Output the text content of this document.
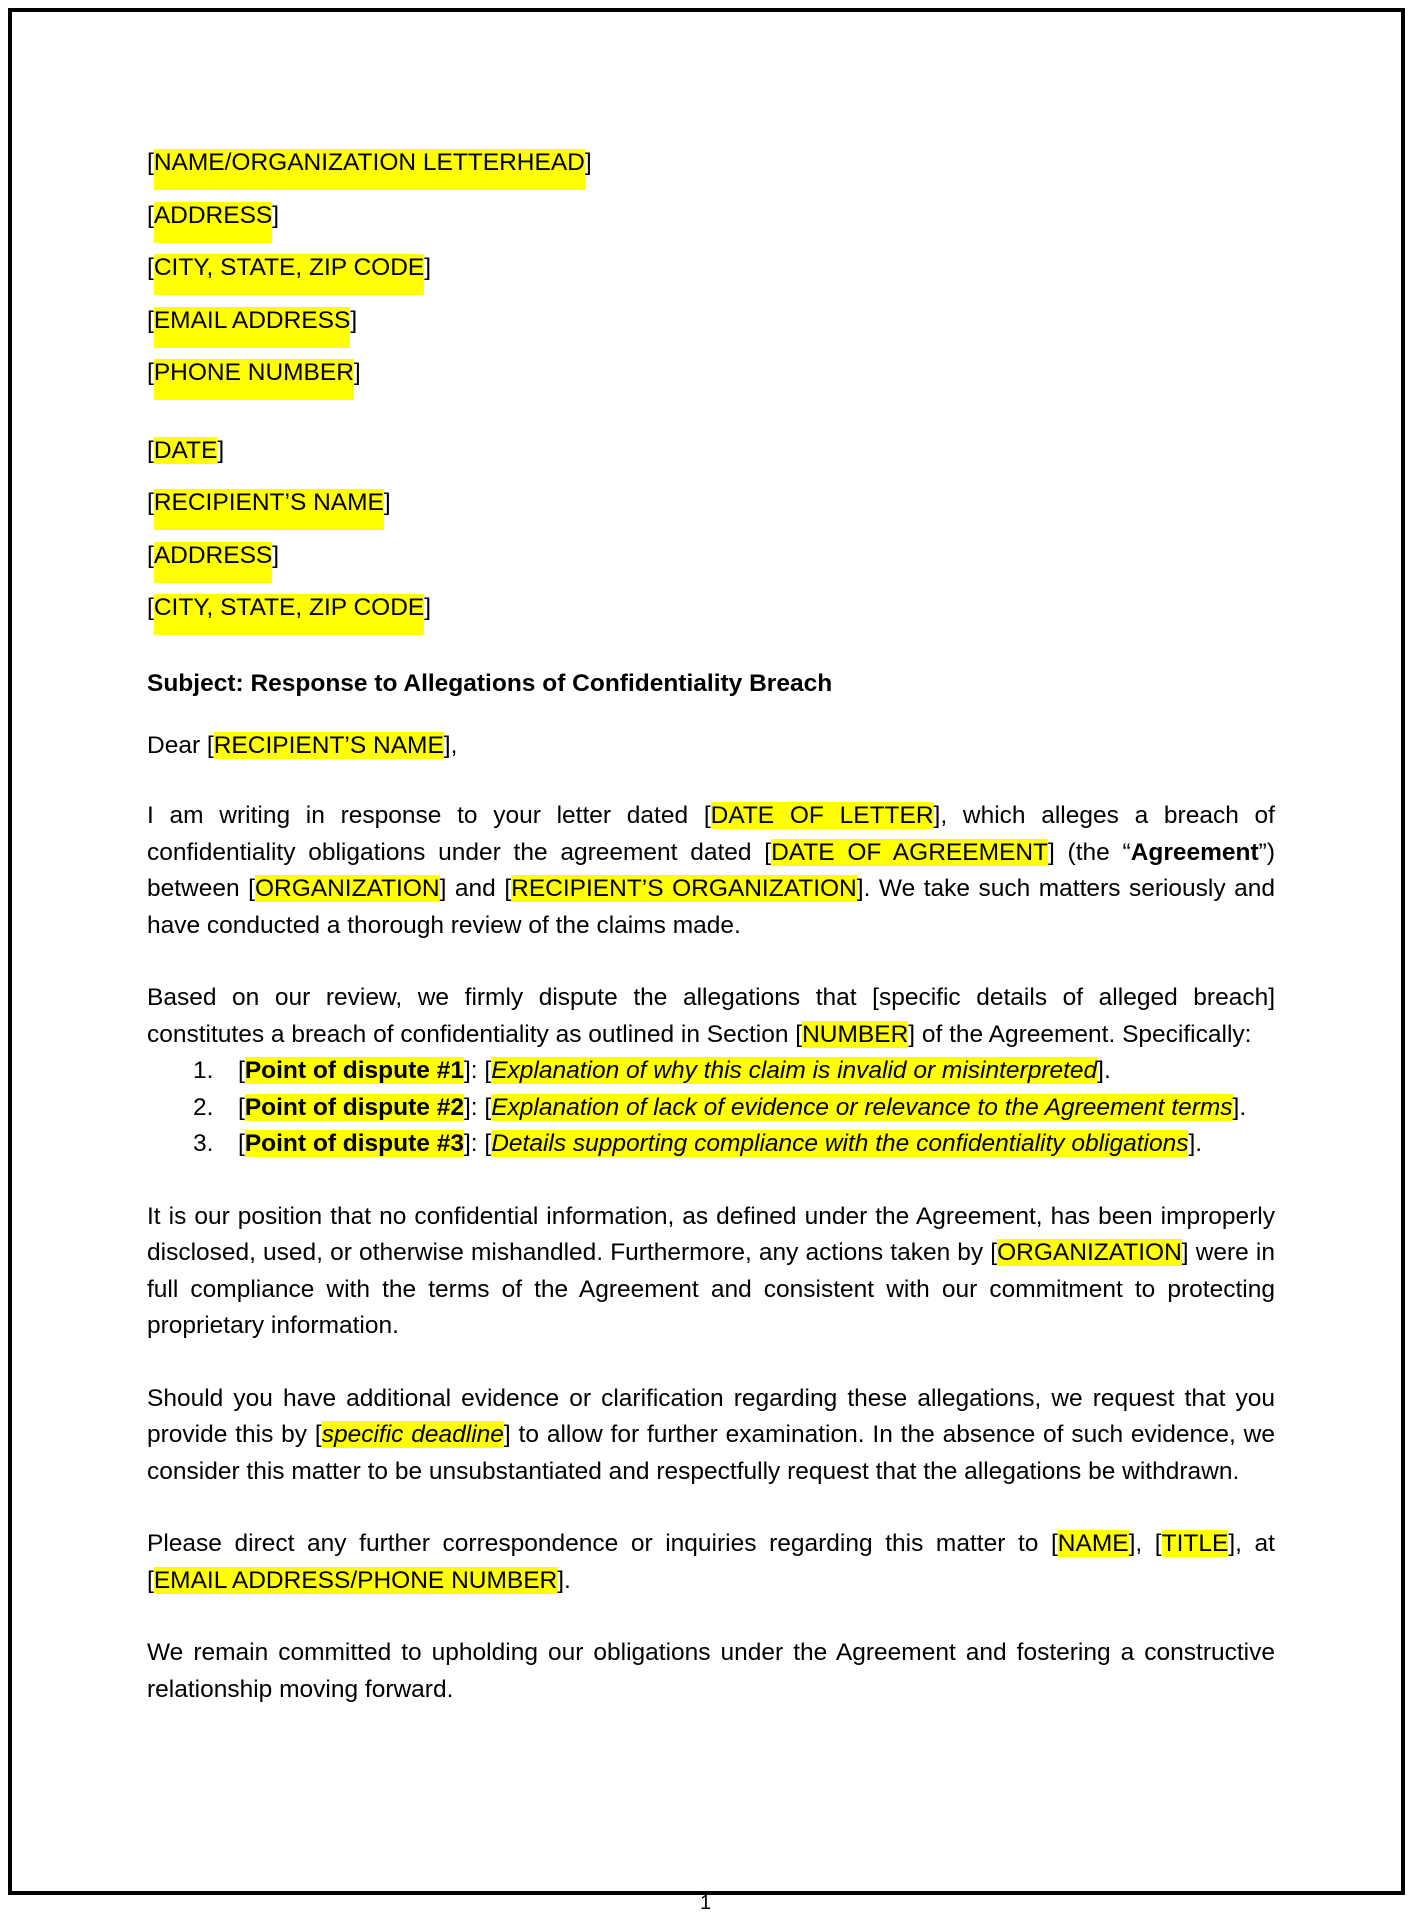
[NAME/ORGANIZATION LETTERHEAD]
[ADDRESS]
[CITY, STATE, ZIP CODE]
[EMAIL ADDRESS]
[PHONE NUMBER]
[DATE]
[RECIPIENT’S NAME]
[ADDRESS]
[CITY, STATE, ZIP CODE]
Subject: Response to Allegations of Confidentiality Breach
Dear [RECIPIENT’S NAME],

I am writing in response to your letter dated [DATE OF LETTER], which alleges a breach of confidentiality obligations under the agreement dated [DATE OF AGREEMENT] (the “Agreement”) between [ORGANIZATION] and [RECIPIENT’S ORGANIZATION]. We take such matters seriously and have conducted a thorough review of the claims made.

Based on our review, we firmly dispute the allegations that [specific details of alleged breach] constitutes a breach of confidentiality as outlined in Section [NUMBER] of the Agreement. Specifically:

1. [Point of dispute #1]: [Explanation of why this claim is invalid or misinterpreted].
2. [Point of dispute #2]: [Explanation of lack of evidence or relevance to the Agreement terms].
3. [Point of dispute #3]: [Details supporting compliance with the confidentiality obligations].

It is our position that no confidential information, as defined under the Agreement, has been improperly disclosed, used, or otherwise mishandled. Furthermore, any actions taken by [ORGANIZATION] were in full compliance with the terms of the Agreement and consistent with our commitment to protecting proprietary information.

Should you have additional evidence or clarification regarding these allegations, we request that you provide this by [specific deadline] to allow for further examination. In the absence of such evidence, we consider this matter to be unsubstantiated and respectfully request that the allegations be withdrawn.

Please direct any further correspondence or inquiries regarding this matter to [NAME], [TITLE], at [EMAIL ADDRESS/PHONE NUMBER].

We remain committed to upholding our obligations under the Agreement and fostering a constructive relationship moving forward.

1
